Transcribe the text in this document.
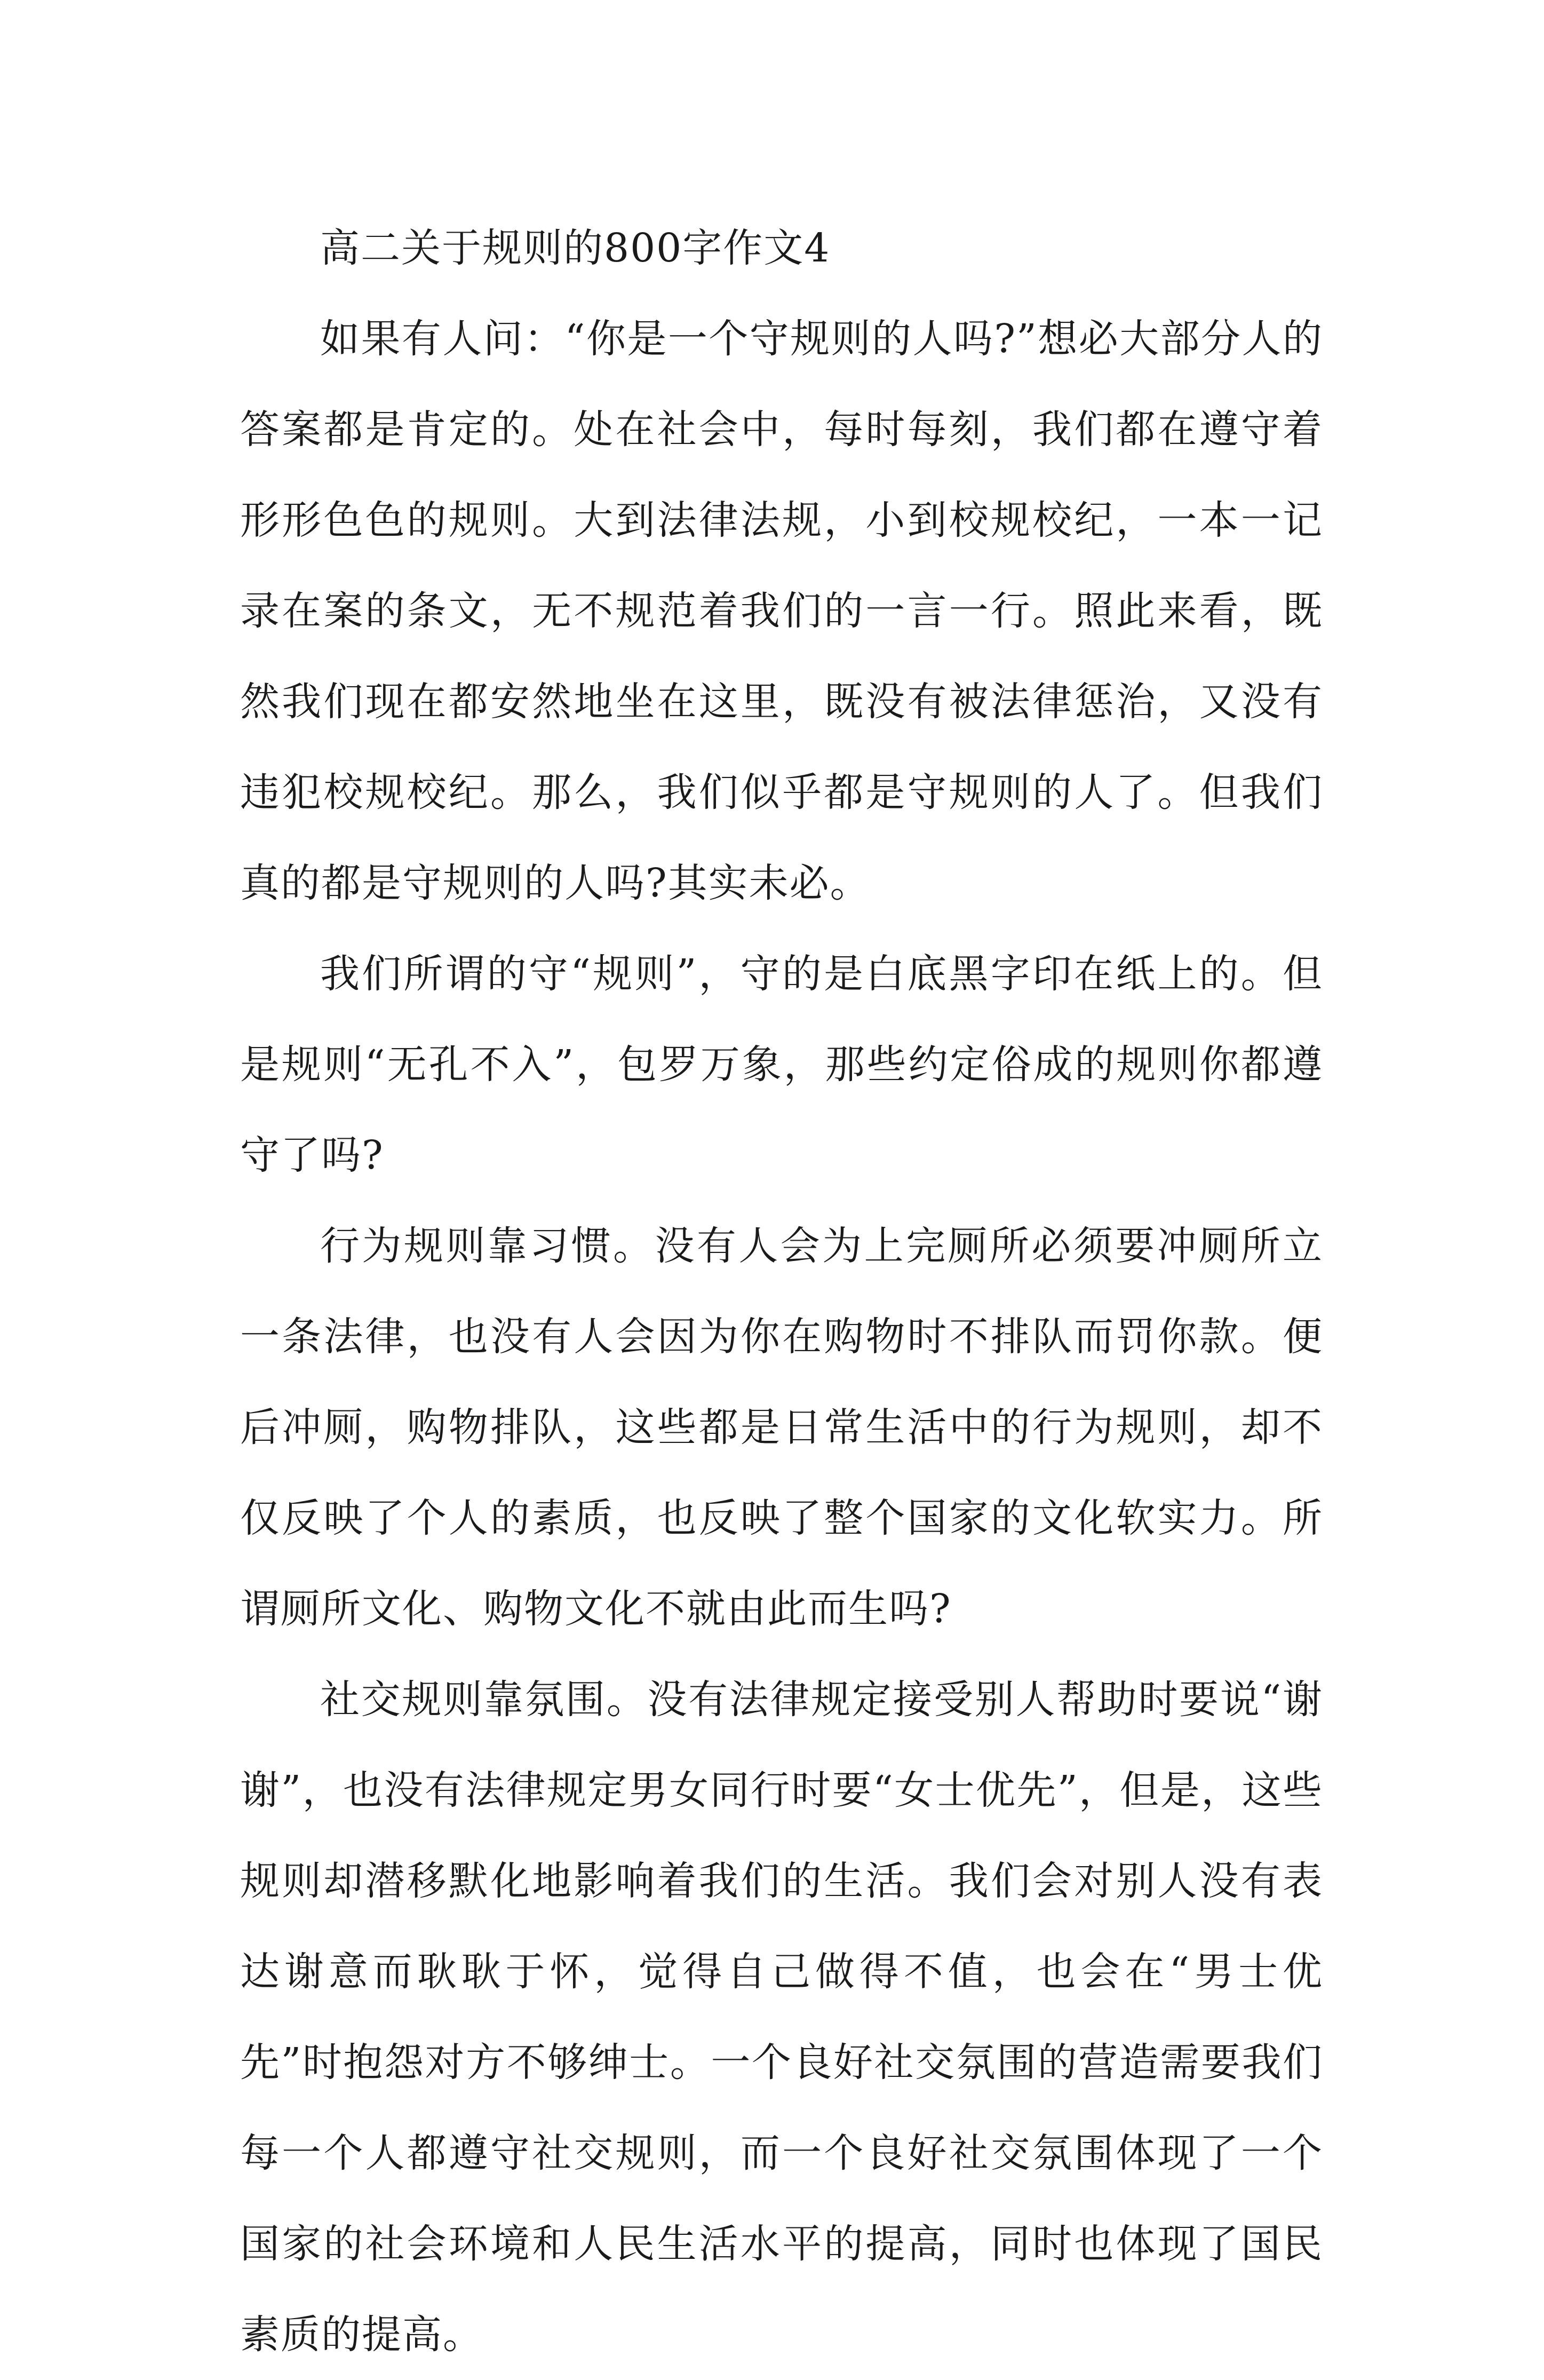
高二关于规则的800字作文4

如果有人问：“你是一个守规则的人吗?”想必大部分人的答案都是肯定的。处在社会中，每时每刻，我们都在遵守着形形色色的规则。大到法律法规，小到校规校纪，一本一记录在案的条文，无不规范着我们的一言一行。照此来看，既然我们现在都安然地坐在这里，既没有被法律惩治，又没有违犯校规校纪。那么，我们似乎都是守规则的人了。但我们真的都是守规则的人吗?其实未必。

我们所谓的守“规则”，守的是白底黑字印在纸上的。但是规则“无孔不入”，包罗万象，那些约定俗成的规则你都遵守了吗?

行为规则靠习惯。没有人会为上完厕所必须要冲厕所立一条法律，也没有人会因为你在购物时不排队而罚你款。便后冲厕，购物排队，这些都是日常生活中的行为规则，却不仅反映了个人的素质，也反映了整个国家的文化软实力。所谓厕所文化、购物文化不就由此而生吗?

社交规则靠氛围。没有法律规定接受别人帮助时要说“谢谢”，也没有法律规定男女同行时要“女士优先”，但是，这些规则却潜移默化地影响着我们的生活。我们会对别人没有表达谢意而耿耿于怀，觉得自己做得不值，也会在“男士优先”时抱怨对方不够绅士。一个良好社交氛围的营造需要我们每一个人都遵守社交规则，而一个良好社交氛围体现了一个国家的社会环境和人民生活水平的提高，同时也体现了国民素质的提高。
